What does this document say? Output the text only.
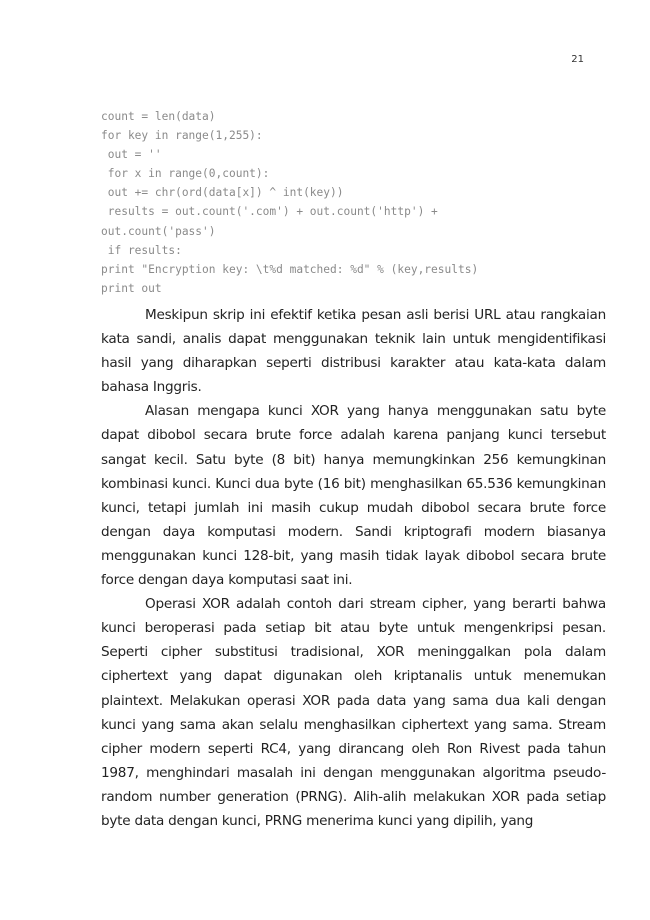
21
count = len(data)
for key in range(1,255):
out = ''
for x in range(0,count):
out += chr(ord(data[x]) ^ int(key))
results = out.count('.com') + out.count('http') +
out.count('pass')
if results:
print "Encryption key: \t%d matched: %d" % (key,results)
print out

Meskipun skrip ini efektif ketika pesan asli berisi URL atau rangkaian kata sandi, analis dapat menggunakan teknik lain untuk mengidentifikasi hasil yang diharapkan seperti distribusi karakter atau kata-kata dalam bahasa Inggris.

Alasan mengapa kunci XOR yang hanya menggunakan satu byte dapat dibobol secara brute force adalah karena panjang kunci tersebut sangat kecil. Satu byte (8 bit) hanya memungkinkan 256 kemungkinan kombinasi kunci. Kunci dua byte (16 bit) menghasilkan 65.536 kemungkinan kunci, tetapi jumlah ini masih cukup mudah dibobol secara brute force dengan daya komputasi modern. Sandi kriptografi modern biasanya menggunakan kunci 128-bit, yang masih tidak layak dibobol secara brute force dengan daya komputasi saat ini.

Operasi XOR adalah contoh dari stream cipher, yang berarti bahwa kunci beroperasi pada setiap bit atau byte untuk mengenkripsi pesan. Seperti cipher substitusi tradisional, XOR meninggalkan pola dalam ciphertext yang dapat digunakan oleh kriptanalis untuk menemukan plaintext. Melakukan operasi XOR pada data yang sama dua kali dengan kunci yang sama akan selalu menghasilkan ciphertext yang sama. Stream cipher modern seperti RC4, yang dirancang oleh Ron Rivest pada tahun 1987, menghindari masalah ini dengan menggunakan algoritma pseudo-random number generation (PRNG). Alih-alih melakukan XOR pada setiap byte data dengan kunci, PRNG menerima kunci yang dipilih, yang
